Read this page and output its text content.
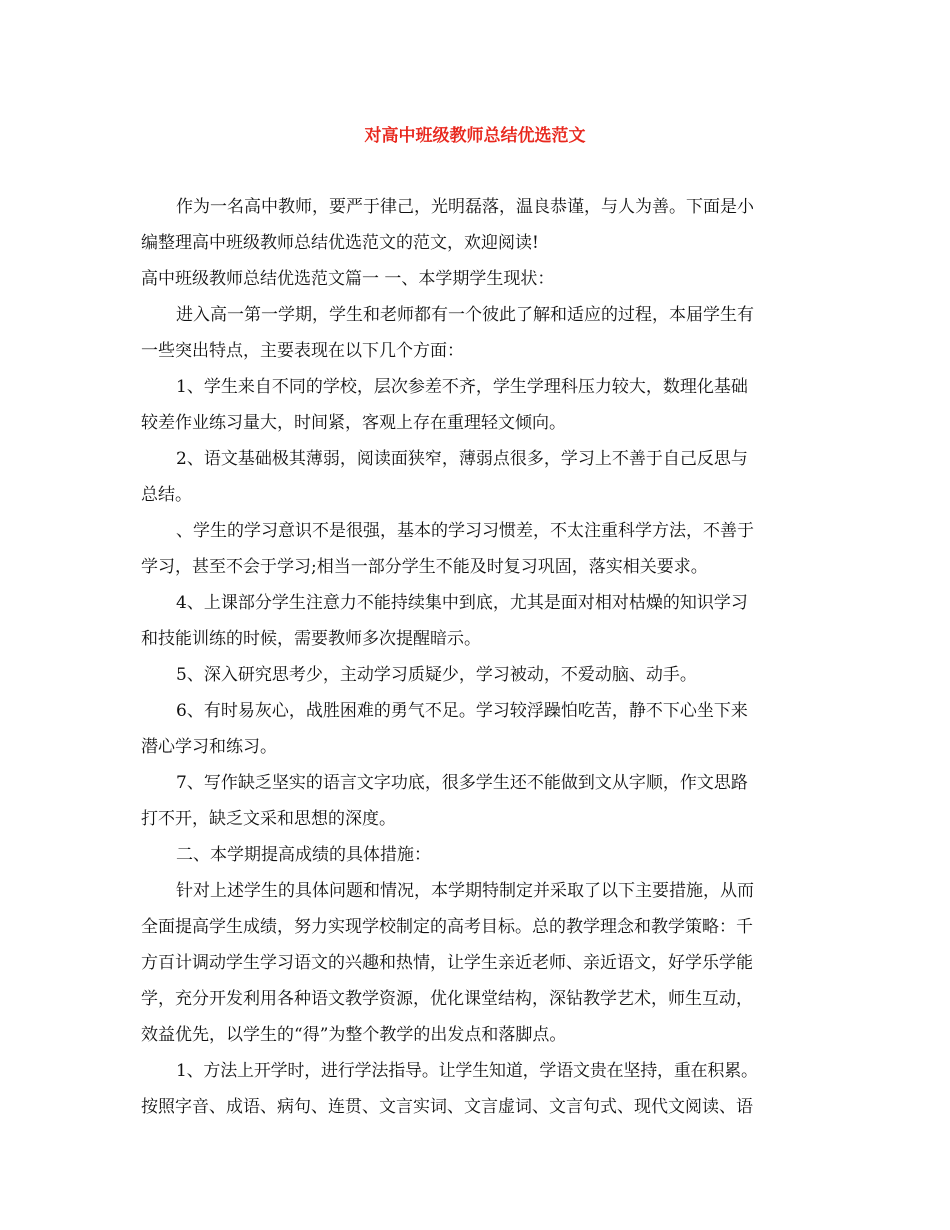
对高中班级教师总结优选范文
作为一名高中教师，要严于律己，光明磊落，温良恭谨，与人为善。下面是小
编整理高中班级教师总结优选范文的范文，欢迎阅读!
高中班级教师总结优选范文篇一 一、本学期学生现状：
进入高一第一学期，学生和老师都有一个彼此了解和适应的过程，本届学生有
一些突出特点，主要表现在以下几个方面：
1、学生来自不同的学校，层次参差不齐，学生学理科压力较大，数理化基础
较差作业练习量大，时间紧，客观上存在重理轻文倾向。
2、语文基础极其薄弱，阅读面狭窄，薄弱点很多，学习上不善于自己反思与
总结。
、学生的学习意识不是很强，基本的学习习惯差，不太注重科学方法，不善于
学习，甚至不会于学习;相当一部分学生不能及时复习巩固，落实相关要求。
4、上课部分学生注意力不能持续集中到底，尤其是面对相对枯燥的知识学习
和技能训练的时候，需要教师多次提醒暗示。
5、深入研究思考少，主动学习质疑少，学习被动，不爱动脑、动手。
6、有时易灰心，战胜困难的勇气不足。学习较浮躁怕吃苦，静不下心坐下来
潜心学习和练习。
7、写作缺乏坚实的语言文字功底，很多学生还不能做到文从字顺，作文思路
打不开，缺乏文采和思想的深度。
二、本学期提高成绩的具体措施：
针对上述学生的具体问题和情况，本学期特制定并采取了以下主要措施，从而
全面提高学生成绩，努力实现学校制定的高考目标。总的教学理念和教学策略：千
方百计调动学生学习语文的兴趣和热情，让学生亲近老师、亲近语文，好学乐学能
学，充分开发利用各种语文教学资源，优化课堂结构，深钻教学艺术，师生互动，
效益优先，以学生的“得”为整个教学的出发点和落脚点。
1、方法上开学时，进行学法指导。让学生知道，学语文贵在坚持，重在积累。
按照字音、成语、病句、连贯、文言实词、文言虚词、文言句式、现代文阅读、语
